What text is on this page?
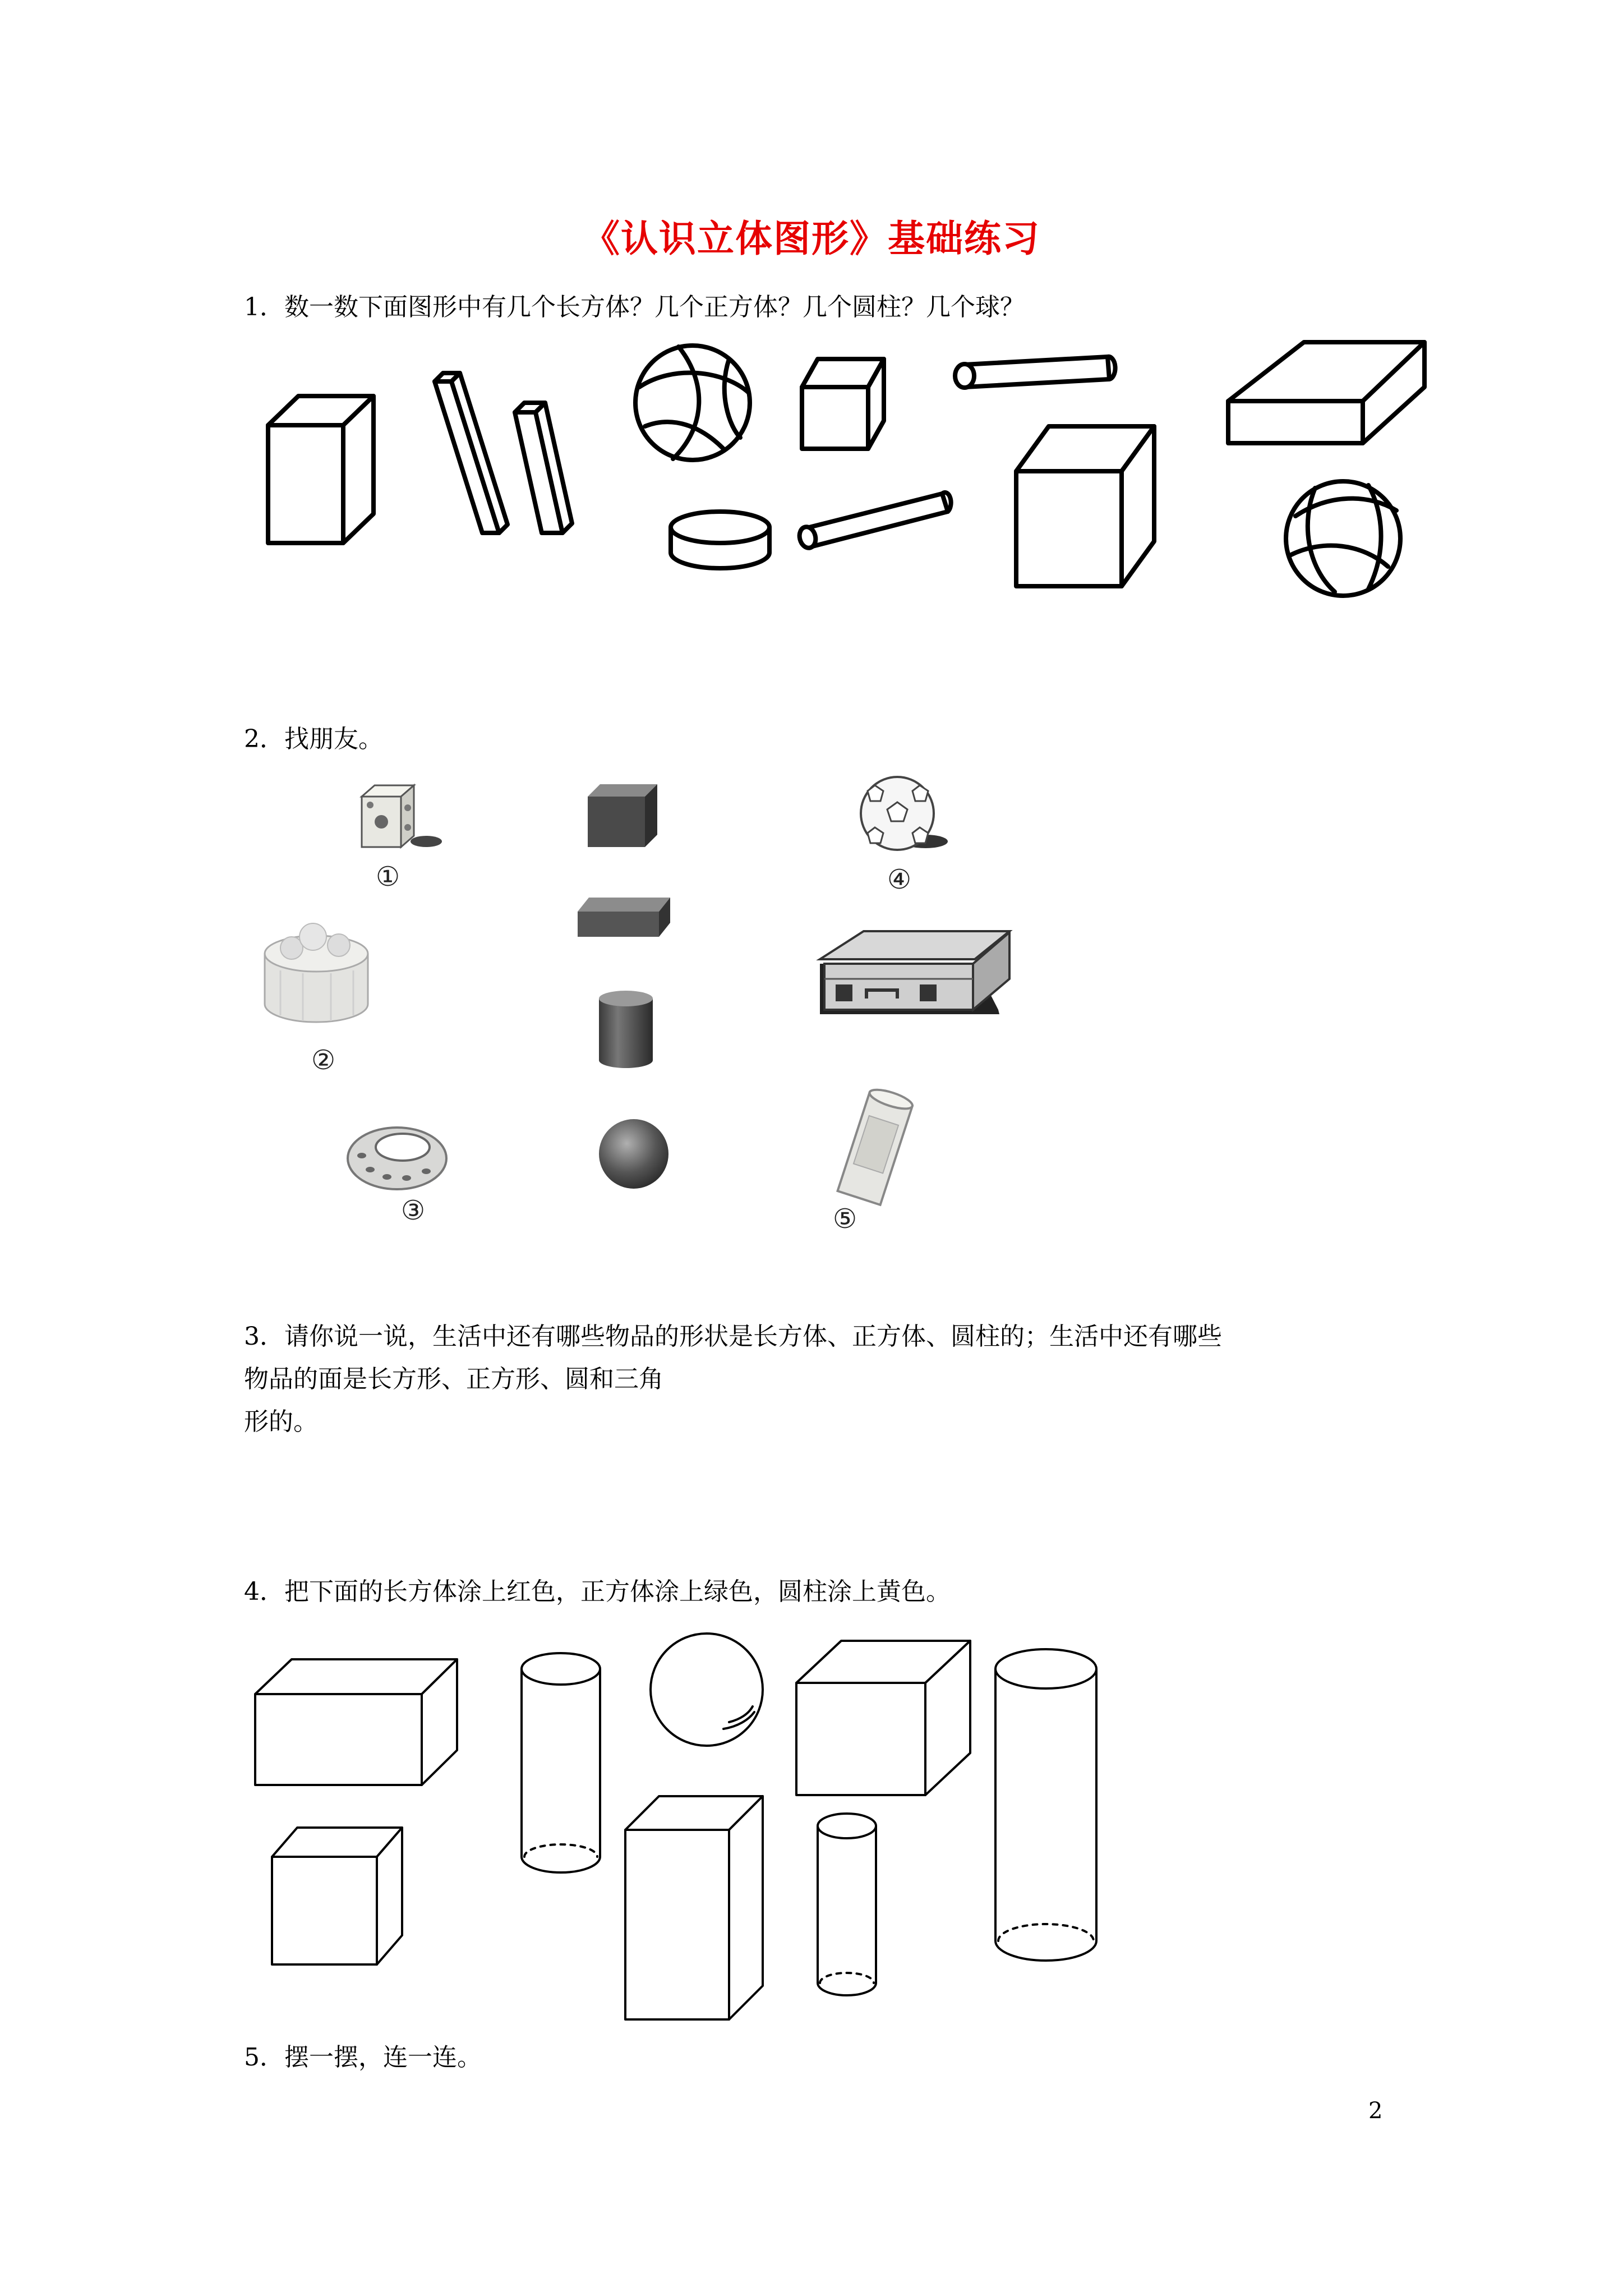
《认识立体图形》基础练习
1．数一数下面图形中有几个长方体？几个正方体？几个圆柱？几个球？
2．找朋友。
①
②
③
④
⑤
3．请你说一说，生活中还有哪些物品的形状是长方体、正方体、圆柱的；生活中还有哪些
物品的面是长方形、正方形、圆和三角
形的。
4．把下面的长方体涂上红色，正方体涂上绿色，圆柱涂上黄色。
5．摆一摆，连一连。
2
